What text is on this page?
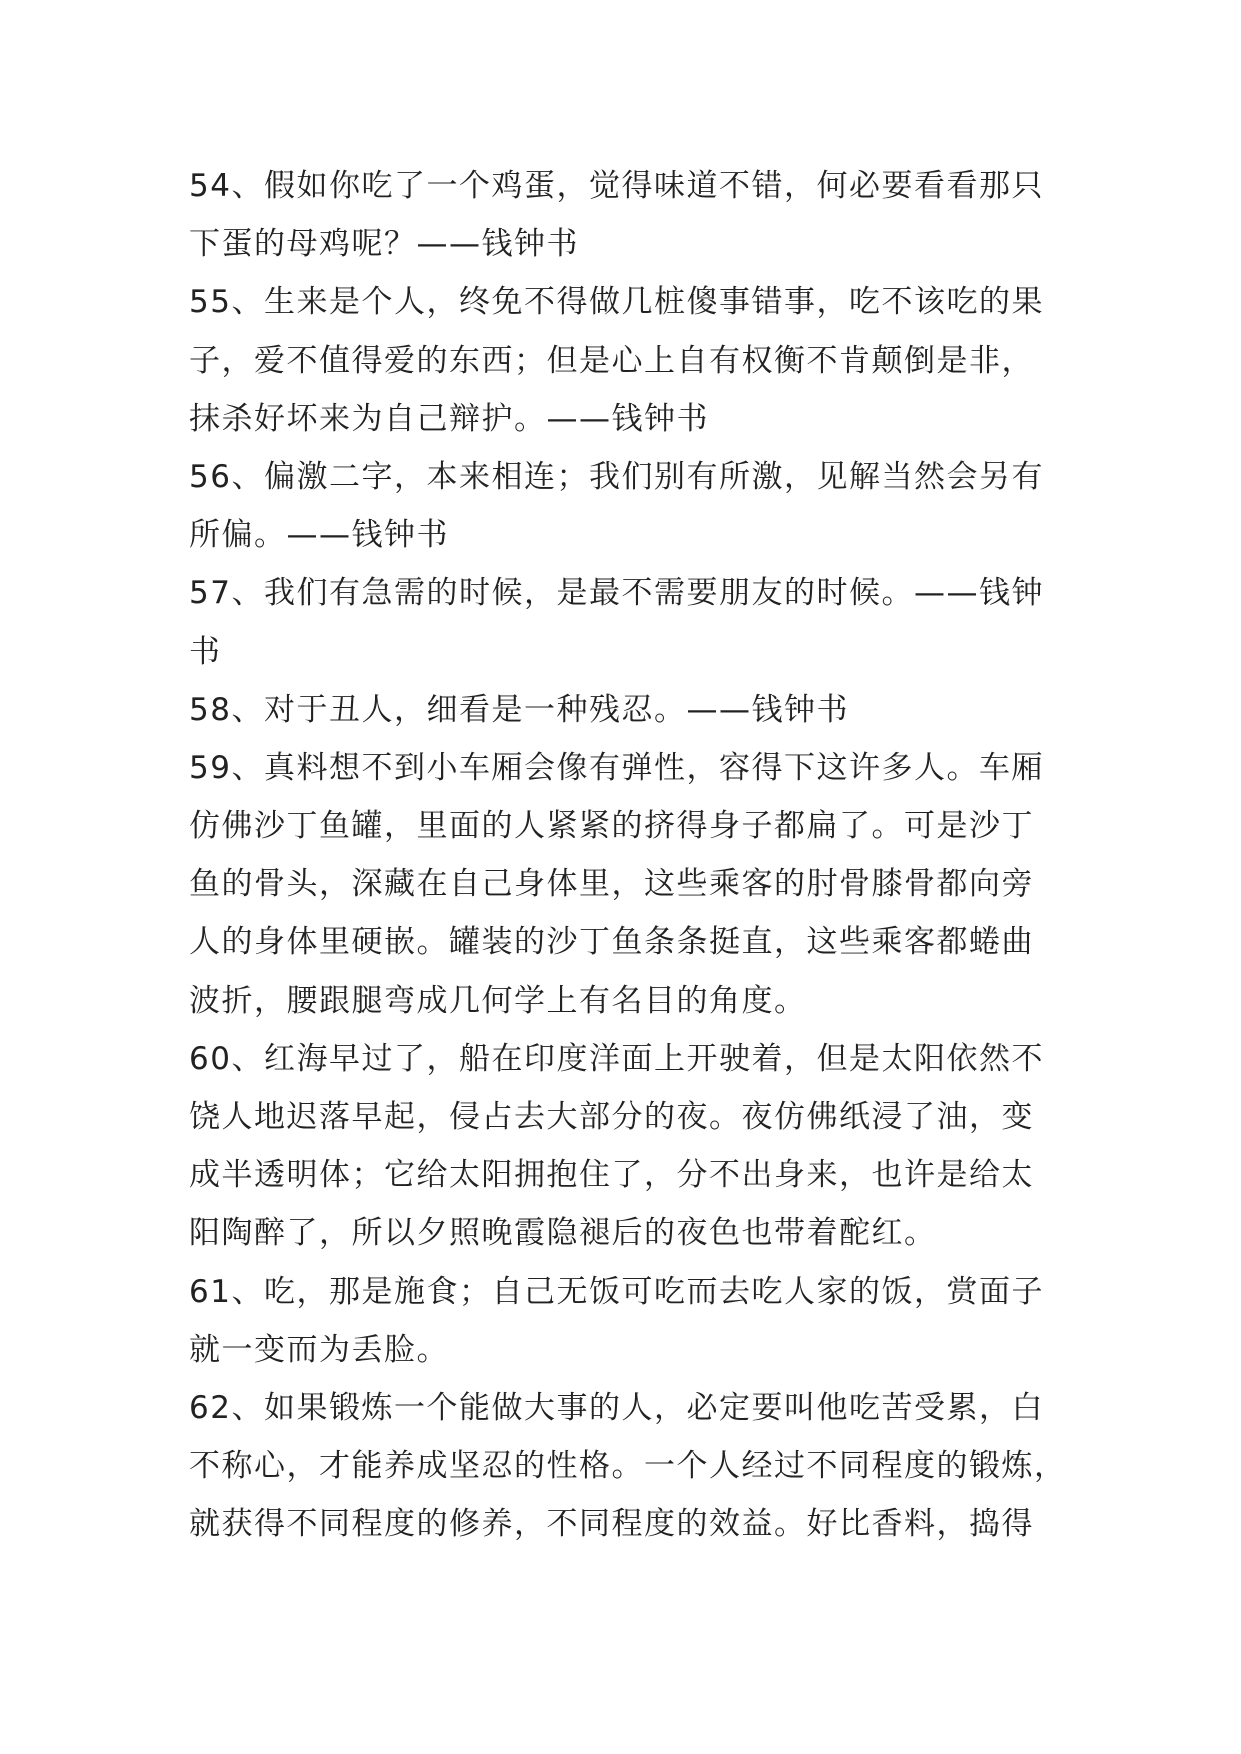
54、假如你吃了一个鸡蛋，觉得味道不错，何必要看看那只
下蛋的母鸡呢？——钱钟书
55、生来是个人，终免不得做几桩傻事错事，吃不该吃的果
子，爱不值得爱的东西；但是心上自有权衡不肯颠倒是非，
抹杀好坏来为自己辩护。——钱钟书
56、偏激二字，本来相连；我们别有所激，见解当然会另有
所偏。——钱钟书
57、我们有急需的时候，是最不需要朋友的时候。——钱钟
书
58、对于丑人，细看是一种残忍。——钱钟书
59、真料想不到小车厢会像有弹性，容得下这许多人。车厢
仿佛沙丁鱼罐，里面的人紧紧的挤得身子都扁了。可是沙丁
鱼的骨头，深藏在自己身体里，这些乘客的肘骨膝骨都向旁
人的身体里硬嵌。罐装的沙丁鱼条条挺直，这些乘客都蜷曲
波折，腰跟腿弯成几何学上有名目的角度。
60、红海早过了，船在印度洋面上开驶着，但是太阳依然不
饶人地迟落早起，侵占去大部分的夜。夜仿佛纸浸了油，变
成半透明体；它给太阳拥抱住了，分不出身来，也许是给太
阳陶醉了，所以夕照晚霞隐褪后的夜色也带着酡红。
61、吃，那是施食；自己无饭可吃而去吃人家的饭，赏面子
就一变而为丢脸。
62、如果锻炼一个能做大事的人，必定要叫他吃苦受累，白
不称心，才能养成坚忍的性格。一个人经过不同程度的锻炼，
就获得不同程度的修养，不同程度的效益。好比香料，捣得
